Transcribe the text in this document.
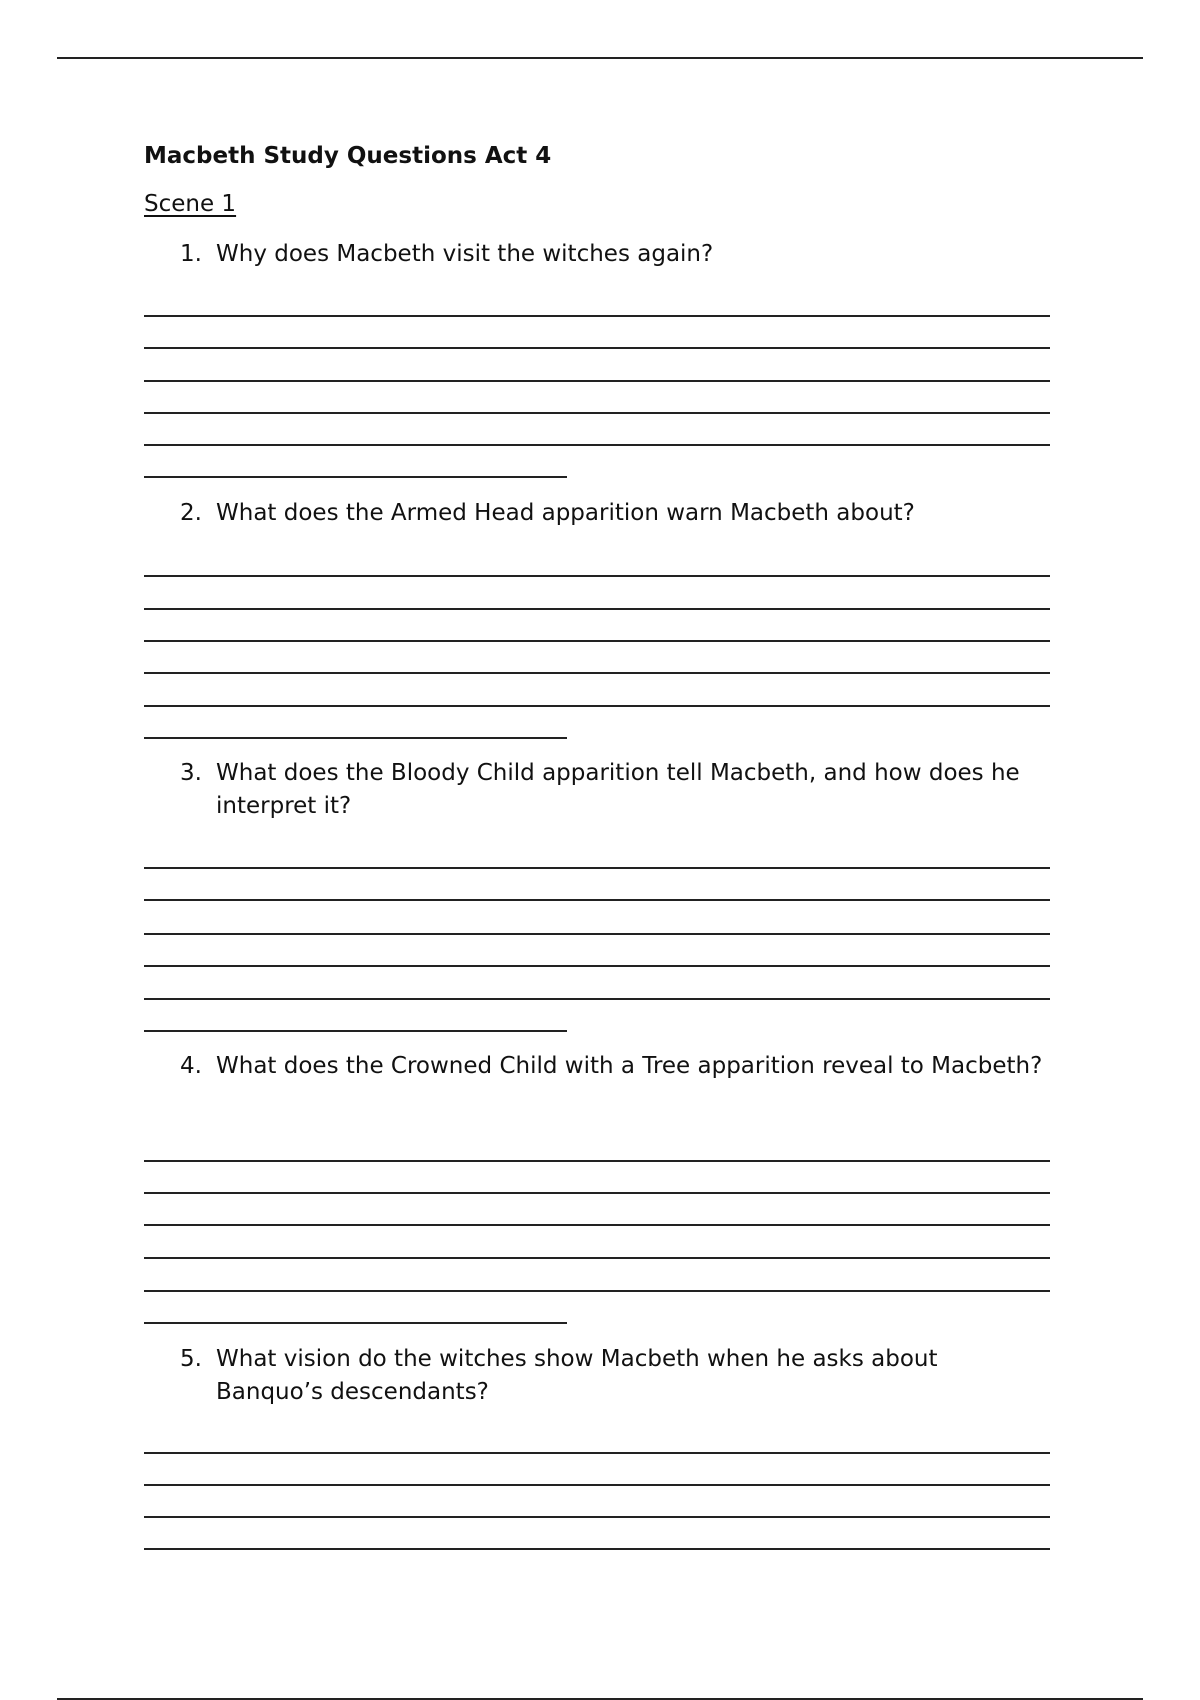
Macbeth Study Questions Act 4
Scene 1
1. Why does Macbeth visit the witches again?
2. What does the Armed Head apparition warn Macbeth about?
3. What does the Bloody Child apparition tell Macbeth, and how does he interpret it?
4. What does the Crowned Child with a Tree apparition reveal to Macbeth?
5. What vision do the witches show Macbeth when he asks about Banquo’s descendants?
